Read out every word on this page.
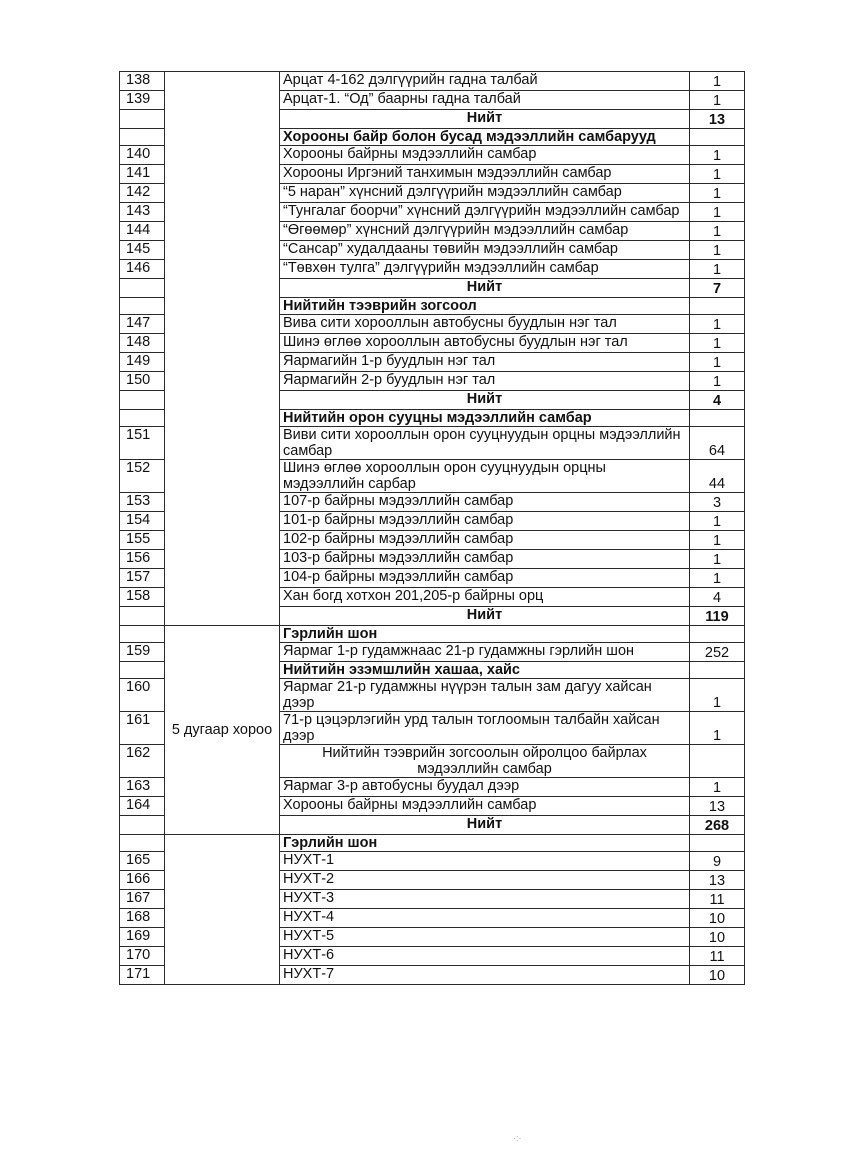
138		Арцат 4-162 дэлгүүрийн гадна талбай	1
139		Арцат-1. “Од” баарны гадна талбай	1
		Нийт	13
		Хорооны байр болон бусад мэдээллийн самбарууд	
140		Хорооны байрны мэдээллийн самбар	1
141		Хорооны Иргэний танхимын мэдээллийн самбар	1
142		“5 наран” хүнсний дэлгүүрийн мэдээллийн самбар	1
143		“Тунгалаг боорчи” хүнсний дэлгүүрийн мэдээллийн самбар	1
144		“Өгөөмөр” хүнсний дэлгүүрийн мэдээллийн самбар	1
145		“Сансар” худалдааны төвийн мэдээллийн самбар	1
146		“Төвхөн тулга” дэлгүүрийн мэдээллийн самбар	1
		Нийт	7
		Нийтийн тээврийн зогсоол	
147		Вива сити хорооллын автобусны буудлын нэг тал	1
148		Шинэ өглөө хорооллын автобусны буудлын нэг тал	1
149		Яармагийн 1-р буудлын нэг тал	1
150		Яармагийн 2-р буудлын нэг тал	1
		Нийт	4
		Нийтийн орон сууцны мэдээллийн самбар	
151		Виви сити хорооллын орон сууцнуудын орцны мэдээллийн самбар	64
152		Шинэ өглөө хорооллын орон сууцнуудын орцны мэдээллийн сарбар	44
153		107-р байрны мэдээллийн самбар	3
154		101-р байрны мэдээллийн самбар	1
155		102-р байрны мэдээллийн самбар	1
156		103-р байрны мэдээллийн самбар	1
157		104-р байрны мэдээллийн самбар	1
158		Хан богд хотхон 201,205-р байрны орц	4
		Нийт	119
	5 дугаар хороо	Гэрлийн шон	
159		Яармаг 1-р гудамжнаас 21-р гудамжны гэрлийн шон	252
		Нийтийн эзэмшлийн хашаа, хайс	
160		Яармаг 21-р гудамжны нүүрэн талын зам дагуу хайсан дээр	1
161		71-р цэцэрлэгийн урд талын тоглоомын талбайн хайсан дээр	1
162		Нийтийн тээврийн зогсоолын ойролцоо байрлах мэдээллийн самбар	
163		Яармаг 3-р автобусны буудал дээр	1
164		Хорооны байрны мэдээллийн самбар	13
		Нийт	268
		Гэрлийн шон	
165		НУХТ-1	9
166		НУХТ-2	13
167		НУХТ-3	11
168		НУХТ-4	10
169		НУХТ-5	10
170		НУХТ-6	11
171		НУХТ-7	10
·:·
